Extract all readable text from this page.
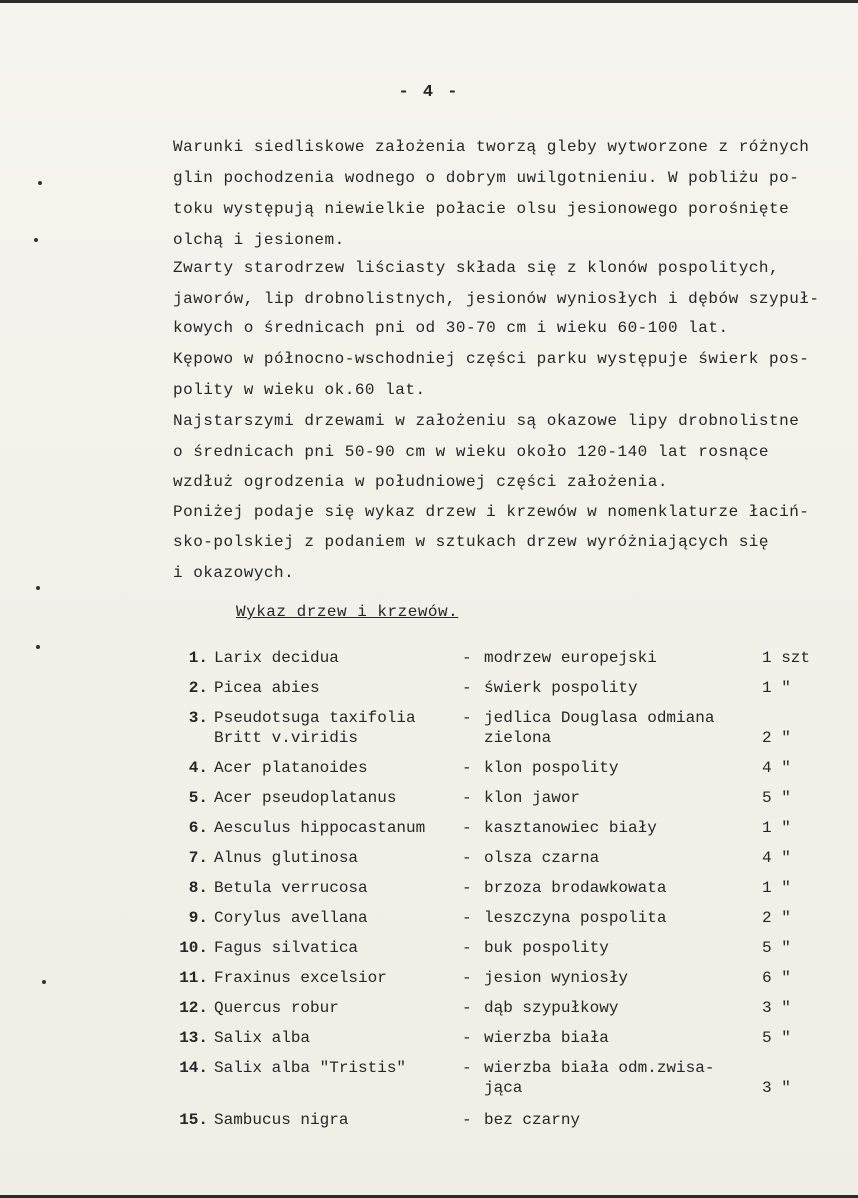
- 4 -
Warunki siedliskowe założenia tworzą gleby wytworzone z różnych
glin pochodzenia wodnego o dobrym uwilgotnieniu. W pobliżu po-
toku występują niewielkie połacie olsu jesionowego porośnięte
olchą i jesionem.
Zwarty starodrzew liściasty składa się z klonów pospolitych,
jaworów, lip drobnolistnych, jesionów wyniosłych i dębów szypuł-
kowych o średnicach pni od 30-70 cm i wieku 60-100 lat.
Kępowo w północno-wschodniej części parku występuje świerk pos-
polity w wieku ok.60 lat.
Najstarszymi drzewami w założeniu są okazowe lipy drobnolistne
o średnicach pni 50-90 cm w wieku około 120-140 lat rosnące
wzdłuż ogrodzenia w południowej części założenia.
Poniżej podaje się wykaz drzew i krzewów w nomenklaturze łaciń-
sko-polskiej z podaniem w sztukach drzew wyróżniających się
i okazowych.
Wykaz drzew i krzewów.
1. Larix decidua	- modrzew europejski	1 szt
2. Picea abies	- świerk pospolity	1 "
3. Pseudotsuga taxifolia
Britt v.viridis
- jedlica Douglasa odmiana
zielona	2 "
4. Acer platanoides	- klon pospolity	4 "
5. Acer pseudoplatanus	- klon jawor	5 "
6. Aesculus hippocastanum - kasztanowiec biały	1 "
7. Alnus glutinosa	- olsza czarna	4 "
8. Betula verrucosa	- brzoza brodawkowata	1 "
9. Corylus avellana	- leszczyna pospolita	2 "
10. Fagus silvatica	- buk pospolity	5 "
11. Fraxinus excelsior	- jesion wyniosły	6 "
12. Quercus robur	- dąb szypułkowy	3 "
13. Salix alba	- wierzba biała	5 "
14. Salix alba "Tristis"	- wierzba biała odm.zwisa-
jąca	3 "
15. Sambucus nigra	- bez czarny
